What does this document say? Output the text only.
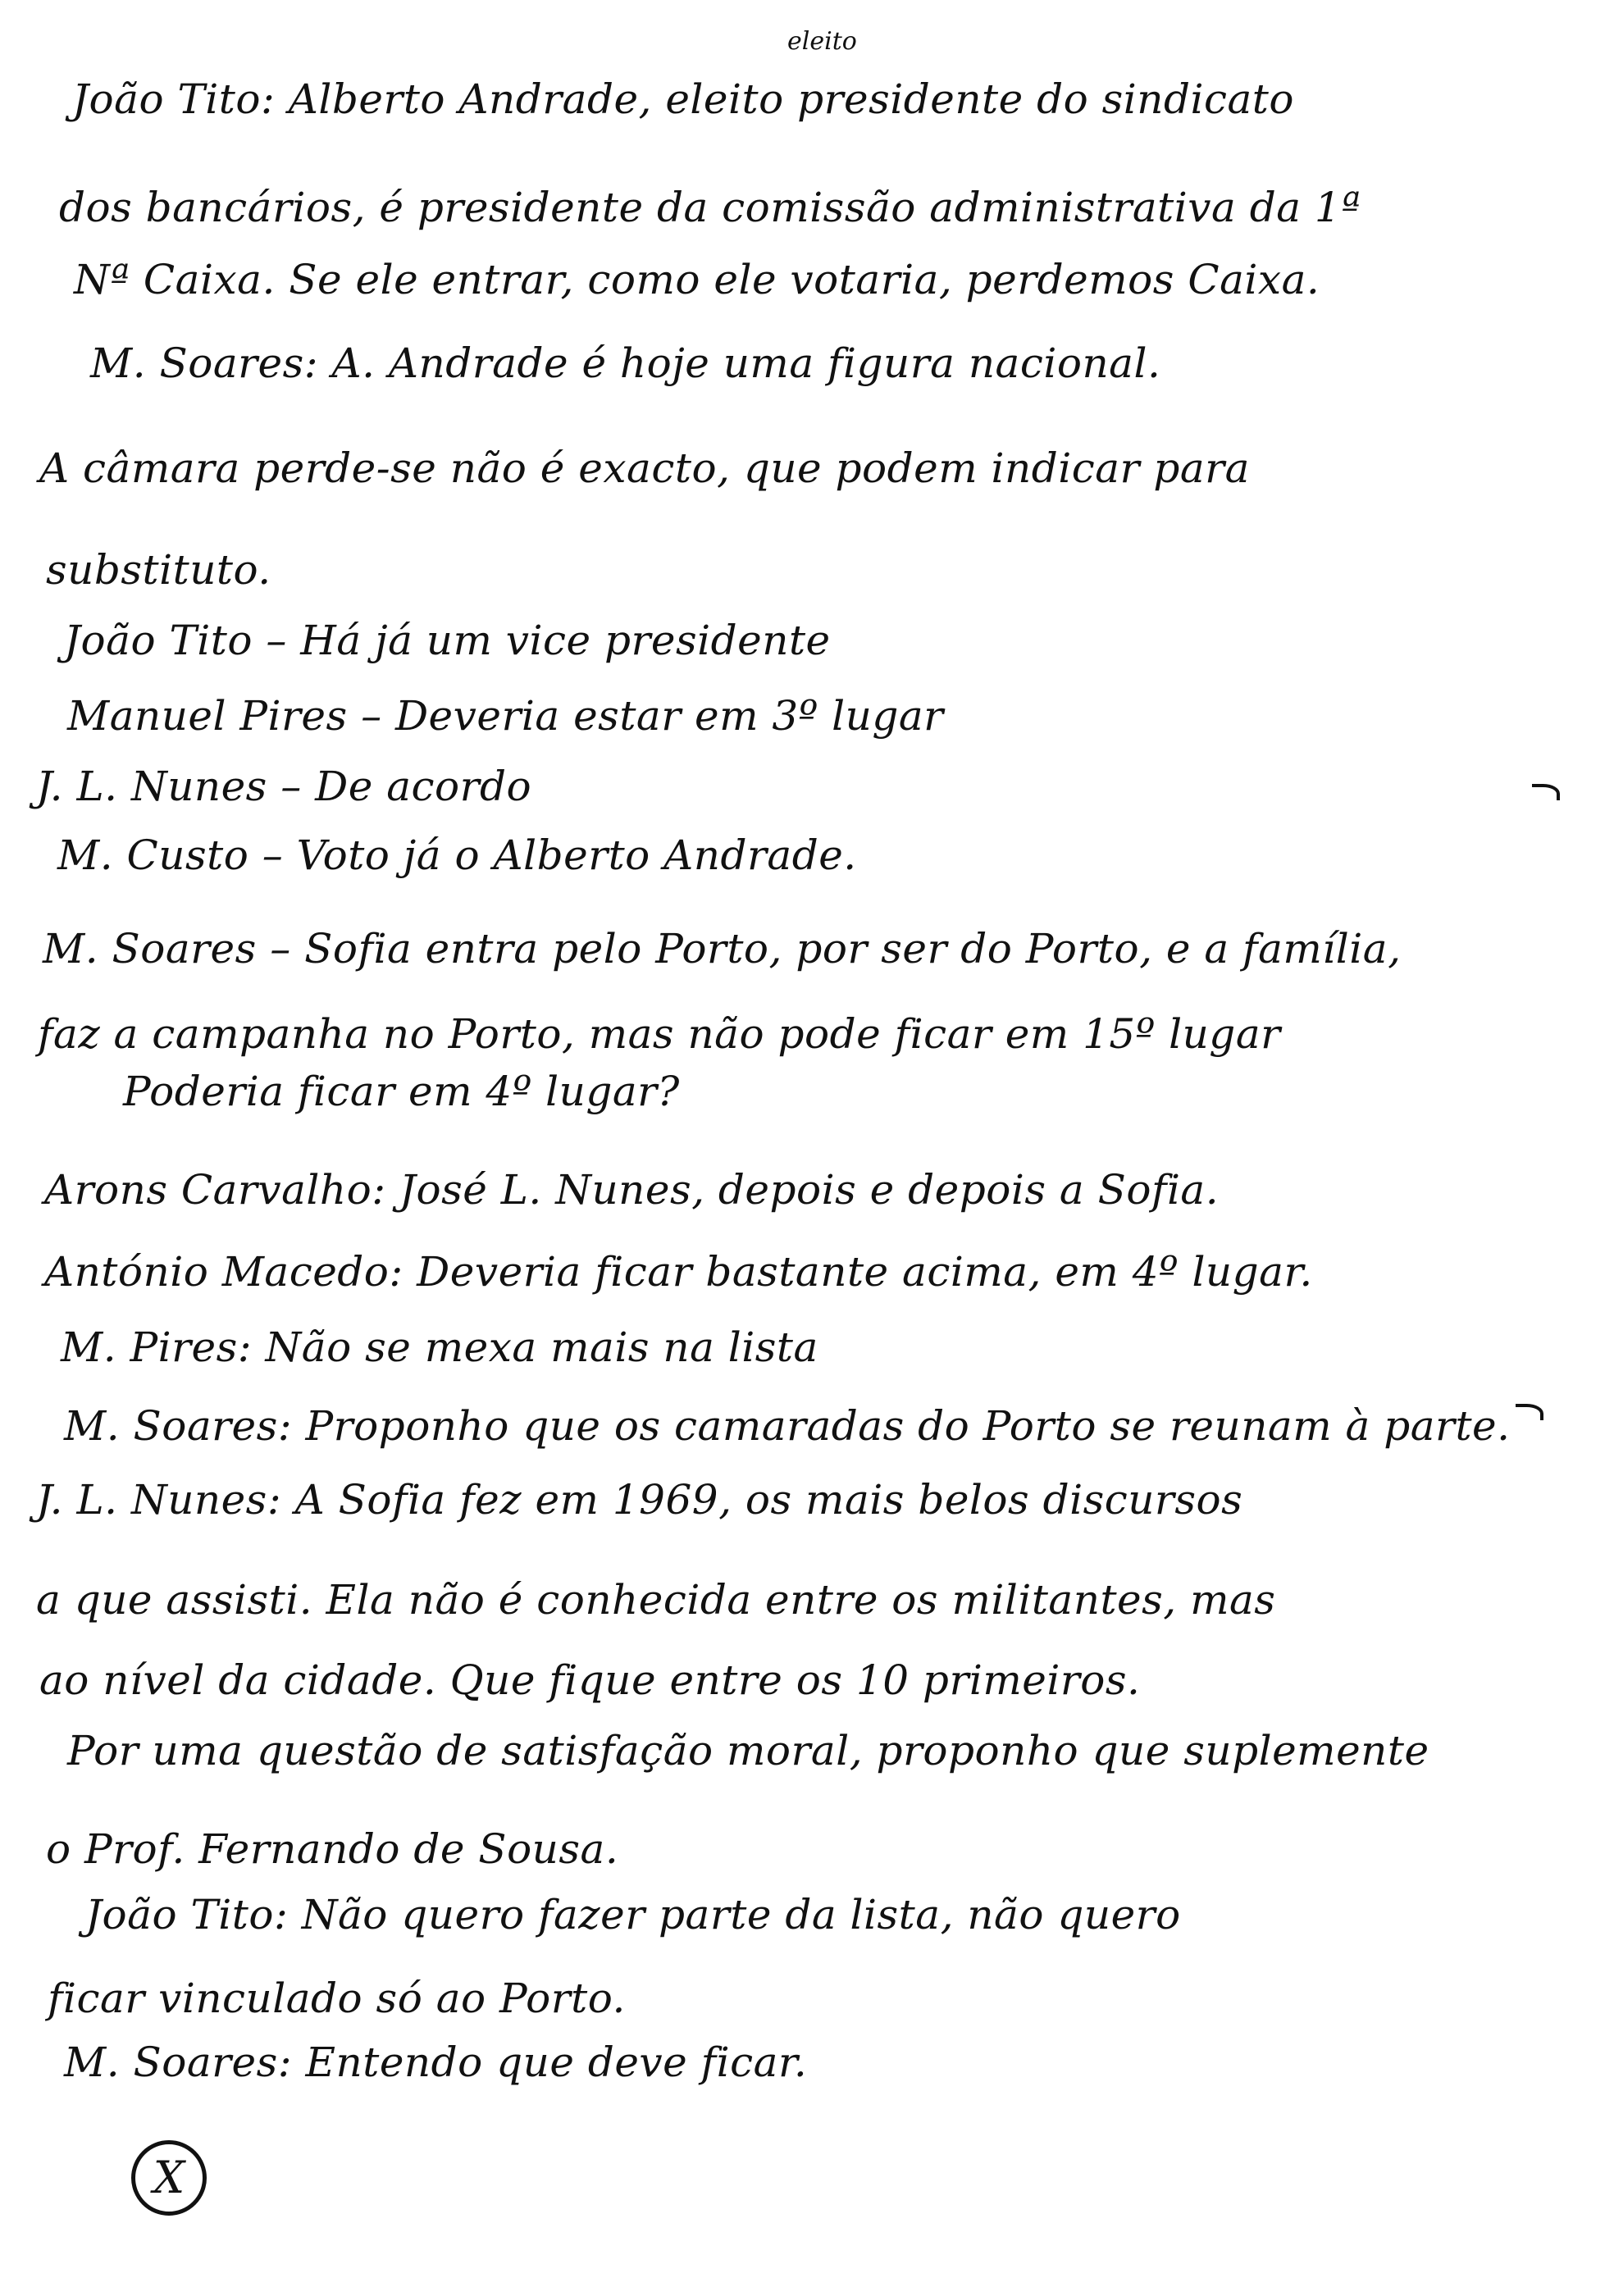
eleito
João Tito: Alberto Andrade, eleito presidente do sindicato
dos bancários, é presidente da comissão administrativa da 1ª
Nª Caixa. Se ele entrar, como ele votaria, perdemos Caixa.
M. Soares: A. Andrade é hoje uma figura nacional.
A câmara perde-se não é exacto, que podem indicar para
substituto.
João Tito – Há já um vice presidente
Manuel Pires – Deveria estar em 3º lugar
J. L. Nunes – De acordo
M. Custo – Voto já o Alberto Andrade.
M. Soares – Sofia entra pelo Porto, por ser do Porto, e a família,
faz a campanha no Porto, mas não pode ficar em 15º lugar
Poderia ficar em 4º lugar?
Arons Carvalho: José L. Nunes, depois e depois a Sofia.
António Macedo: Deveria ficar bastante acima, em 4º lugar.
M. Pires: Não se mexa mais na lista
M. Soares: Proponho que os camaradas do Porto se reunam à parte.
J. L. Nunes: A Sofia fez em 1969, os mais belos discursos
a que assisti. Ela não é conhecida entre os militantes, mas
ao nível da cidade. Que fique entre os 10 primeiros.
Por uma questão de satisfação moral, proponho que suplemente
o Prof. Fernando de Sousa.
João Tito: Não quero fazer parte da lista, não quero
ficar vinculado só ao Porto.
M. Soares: Entendo que deve ficar.
X
